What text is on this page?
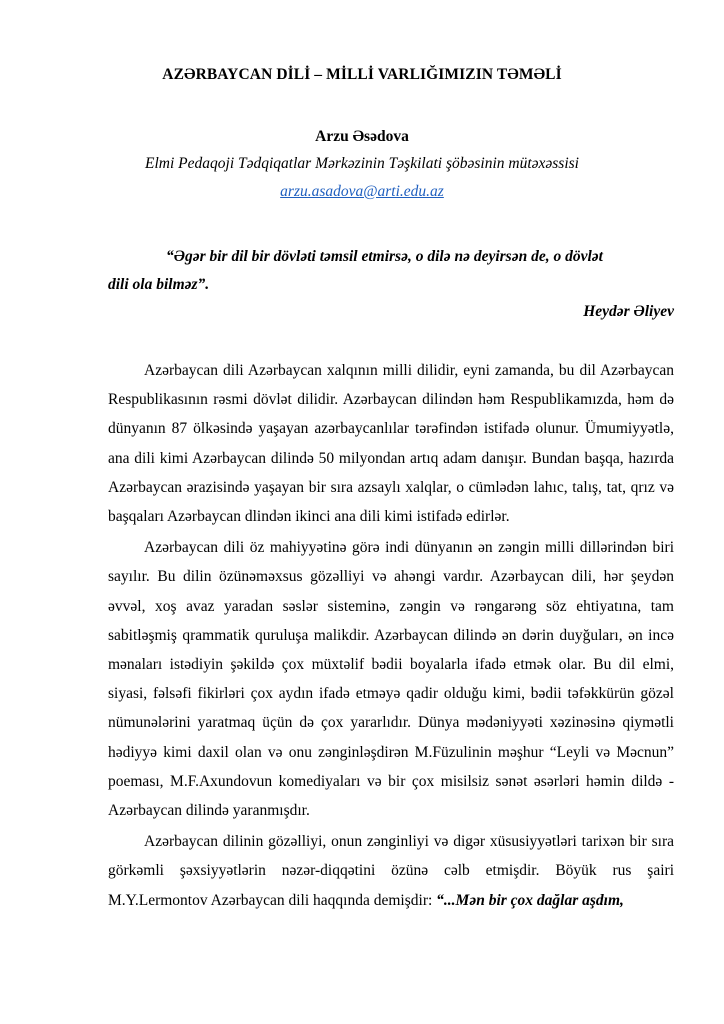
AZƏRBAYCAN DİLİ – MİLLİ VARLIĞIMIZIN TƏMƏLİ
Arzu Əsədova
Elmi Pedaqoji Tədqiqatlar Mərkəzinin Təşkilati şöbəsinin mütəxəssisi
arzu.asadova@arti.edu.az
“Əgər bir dil bir dövləti təmsil etmirsə, o dilə nə deyirsən de, o dövlət
dili ola bilməz”.
Heydər Əliyev

Azərbaycan dili Azərbaycan xalqının milli dilidir, eyni zamanda, bu dil Azərbaycan Respublikasının rəsmi dövlət dilidir. Azərbaycan dilindən həm Respublikamızda, həm də dünyanın 87 ölkəsində yaşayan azərbaycanlılar tərəfindən istifadə olunur. Ümumiyyətlə, ana dili kimi Azərbaycan dilində 50 milyondan artıq adam danışır. Bundan başqa, hazırda Azərbaycan ərazisində yaşayan bir sıra azsaylı xalqlar, o cümlədən lahıc, talış, tat, qrız və başqaları Azərbaycan dlindən ikinci ana dili kimi istifadə edirlər.

Azərbaycan dili öz mahiyyətinə görə indi dünyanın ən zəngin milli dillərindən biri sayılır. Bu dilin özünəməxsus gözəlliyi və ahəngi vardır. Azərbaycan dili, hər şeydən əvvəl, xoş avaz yaradan səslər sisteminə, zəngin və rəngarəng söz ehtiyatına, tam sabitləşmiş qrammatik quruluşa malikdir. Azərbaycan dilində ən dərin duyğuları, ən incə mənaları istədiyin şəkildə çox müxtəlif bədii boyalarla ifadə etmək olar. Bu dil elmi, siyasi, fəlsəfi fikirləri çox aydın ifadə etməyə qadir olduğu kimi, bədii təfəkkürün gözəl nümunələrini yaratmaq üçün də çox yararlıdır. Dünya mədəniyyəti xəzinəsinə qiymətli hədiyyə kimi daxil olan və onu zənginləşdirən M.Füzulinin məşhur “Leyli və Məcnun” poeması, M.F.Axundovun komediyaları və bir çox misilsiz sənət əsərləri həmin dildə - Azərbaycan dilində yaranmışdır.

Azərbaycan dilinin gözəlliyi, onun zənginliyi və digər xüsusiyyətləri tarixən bir sıra görkəmli şəxsiyyətlərin nəzər-diqqətini özünə cəlb etmişdir. Böyük rus şairi M.Y.Lermontov Azərbaycan dili haqqında demişdir: “...Mən bir çox dağlar aşdım,
